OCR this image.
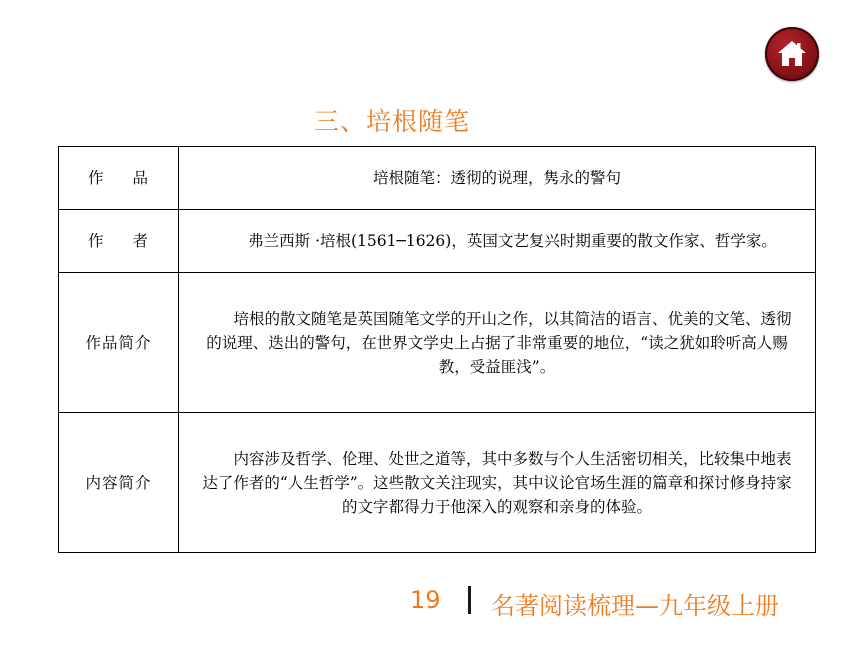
三、培根随笔
作 品	培根随笔：透彻的说理，隽永的警句
作 者	弗兰西斯 ·培根(1561─1626)，英国文艺复兴时期重要的散文作家、哲学家。

作品简介	培根的散文随笔是英国随笔文学的开山之作，以其简洁的语言、优美的文笔、透彻的说理、迭出的警句，在世界文学史上占据了非常重要的地位，“读之犹如聆听高人赐教，受益匪浅”。

内容简介	内容涉及哲学、伦理、处世之道等，其中多数与个人生活密切相关，比较集中地表达了作者的“人生哲学”。这些散文关注现实，其中议论官场生涯的篇章和探讨修身持家的文字都得力于他深入的观察和亲身的体验。
19 名著阅读梳理—九年级上册
